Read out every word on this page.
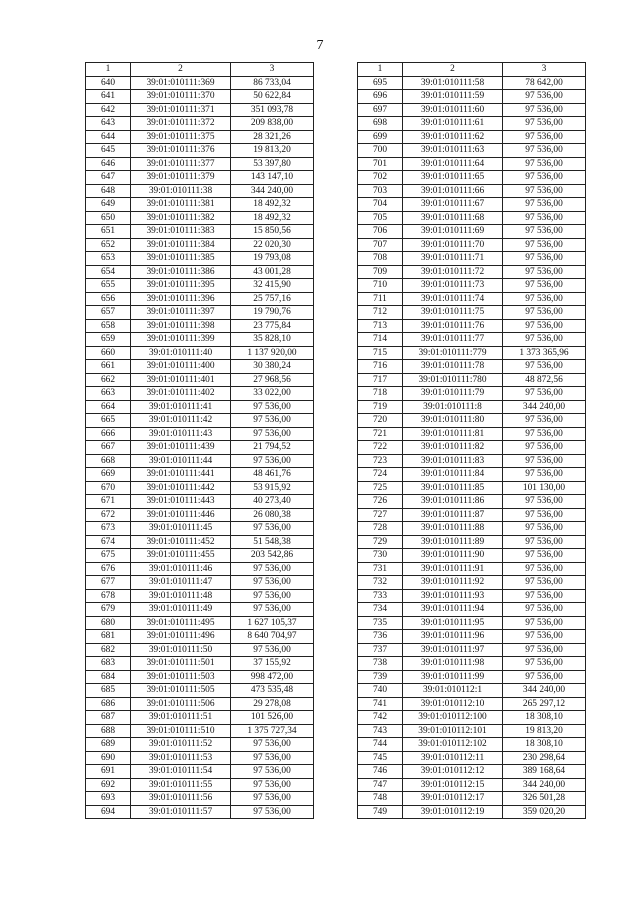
7
1	2	3
640	39:01:010111:369	86 733,04
641	39:01:010111:370	50 622,84
642	39:01:010111:371	351 093,78
643	39:01:010111:372	209 838,00
644	39:01:010111:375	28 321,26
645	39:01:010111:376	19 813,20
646	39:01:010111:377	53 397,80
647	39:01:010111:379	143 147,10
648	39:01:010111:38	344 240,00
649	39:01:010111:381	18 492,32
650	39:01:010111:382	18 492,32
651	39:01:010111:383	15 850,56
652	39:01:010111:384	22 020,30
653	39:01:010111:385	19 793,08
654	39:01:010111:386	43 001,28
655	39:01:010111:395	32 415,90
656	39:01:010111:396	25 757,16
657	39:01:010111:397	19 790,76
658	39:01:010111:398	23 775,84
659	39:01:010111:399	35 828,10
660	39:01:010111:40	1 137 920,00
661	39:01:010111:400	30 380,24
662	39:01:010111:401	27 968,56
663	39:01:010111:402	33 022,00
664	39:01:010111:41	97 536,00
665	39:01:010111:42	97 536,00
666	39:01:010111:43	97 536,00
667	39:01:010111:439	21 794,52
668	39:01:010111:44	97 536,00
669	39:01:010111:441	48 461,76
670	39:01:010111:442	53 915,92
671	39:01:010111:443	40 273,40
672	39:01:010111:446	26 080,38
673	39:01:010111:45	97 536,00
674	39:01:010111:452	51 548,38
675	39:01:010111:455	203 542,86
676	39:01:010111:46	97 536,00
677	39:01:010111:47	97 536,00
678	39:01:010111:48	97 536,00
679	39:01:010111:49	97 536,00
680	39:01:010111:495	1 627 105,37
681	39:01:010111:496	8 640 704,97
682	39:01:010111:50	97 536,00
683	39:01:010111:501	37 155,92
684	39:01:010111:503	998 472,00
685	39:01:010111:505	473 535,48
686	39:01:010111:506	29 278,08
687	39:01:010111:51	101 526,00
688	39:01:010111:510	1 375 727,34
689	39:01:010111:52	97 536,00
690	39:01:010111:53	97 536,00
691	39:01:010111:54	97 536,00
692	39:01:010111:55	97 536,00
693	39:01:010111:56	97 536,00
694	39:01:010111:57	97 536,00
1	2	3
695	39:01:010111:58	78 642,00
696	39:01:010111:59	97 536,00
697	39:01:010111:60	97 536,00
698	39:01:010111:61	97 536,00
699	39:01:010111:62	97 536,00
700	39:01:010111:63	97 536,00
701	39:01:010111:64	97 536,00
702	39:01:010111:65	97 536,00
703	39:01:010111:66	97 536,00
704	39:01:010111:67	97 536,00
705	39:01:010111:68	97 536,00
706	39:01:010111:69	97 536,00
707	39:01:010111:70	97 536,00
708	39:01:010111:71	97 536,00
709	39:01:010111:72	97 536,00
710	39:01:010111:73	97 536,00
711	39:01:010111:74	97 536,00
712	39:01:010111:75	97 536,00
713	39:01:010111:76	97 536,00
714	39:01:010111:77	97 536,00
715	39:01:010111:779	1 373 365,96
716	39:01:010111:78	97 536,00
717	39:01:010111:780	48 872,56
718	39:01:010111:79	97 536,00
719	39:01:010111:8	344 240,00
720	39:01:010111:80	97 536,00
721	39:01:010111:81	97 536,00
722	39:01:010111:82	97 536,00
723	39:01:010111:83	97 536,00
724	39:01:010111:84	97 536,00
725	39:01:010111:85	101 130,00
726	39:01:010111:86	97 536,00
727	39:01:010111:87	97 536,00
728	39:01:010111:88	97 536,00
729	39:01:010111:89	97 536,00
730	39:01:010111:90	97 536,00
731	39:01:010111:91	97 536,00
732	39:01:010111:92	97 536,00
733	39:01:010111:93	97 536,00
734	39:01:010111:94	97 536,00
735	39:01:010111:95	97 536,00
736	39:01:010111:96	97 536,00
737	39:01:010111:97	97 536,00
738	39:01:010111:98	97 536,00
739	39:01:010111:99	97 536,00
740	39:01:010112:1	344 240,00
741	39:01:010112:10	265 297,12
742	39:01:010112:100	18 308,10
743	39:01:010112:101	19 813,20
744	39:01:010112:102	18 308,10
745	39:01:010112:11	230 298,64
746	39:01:010112:12	389 168,64
747	39:01:010112:15	344 240,00
748	39:01:010112:17	326 501,28
749	39:01:010112:19	359 020,20
